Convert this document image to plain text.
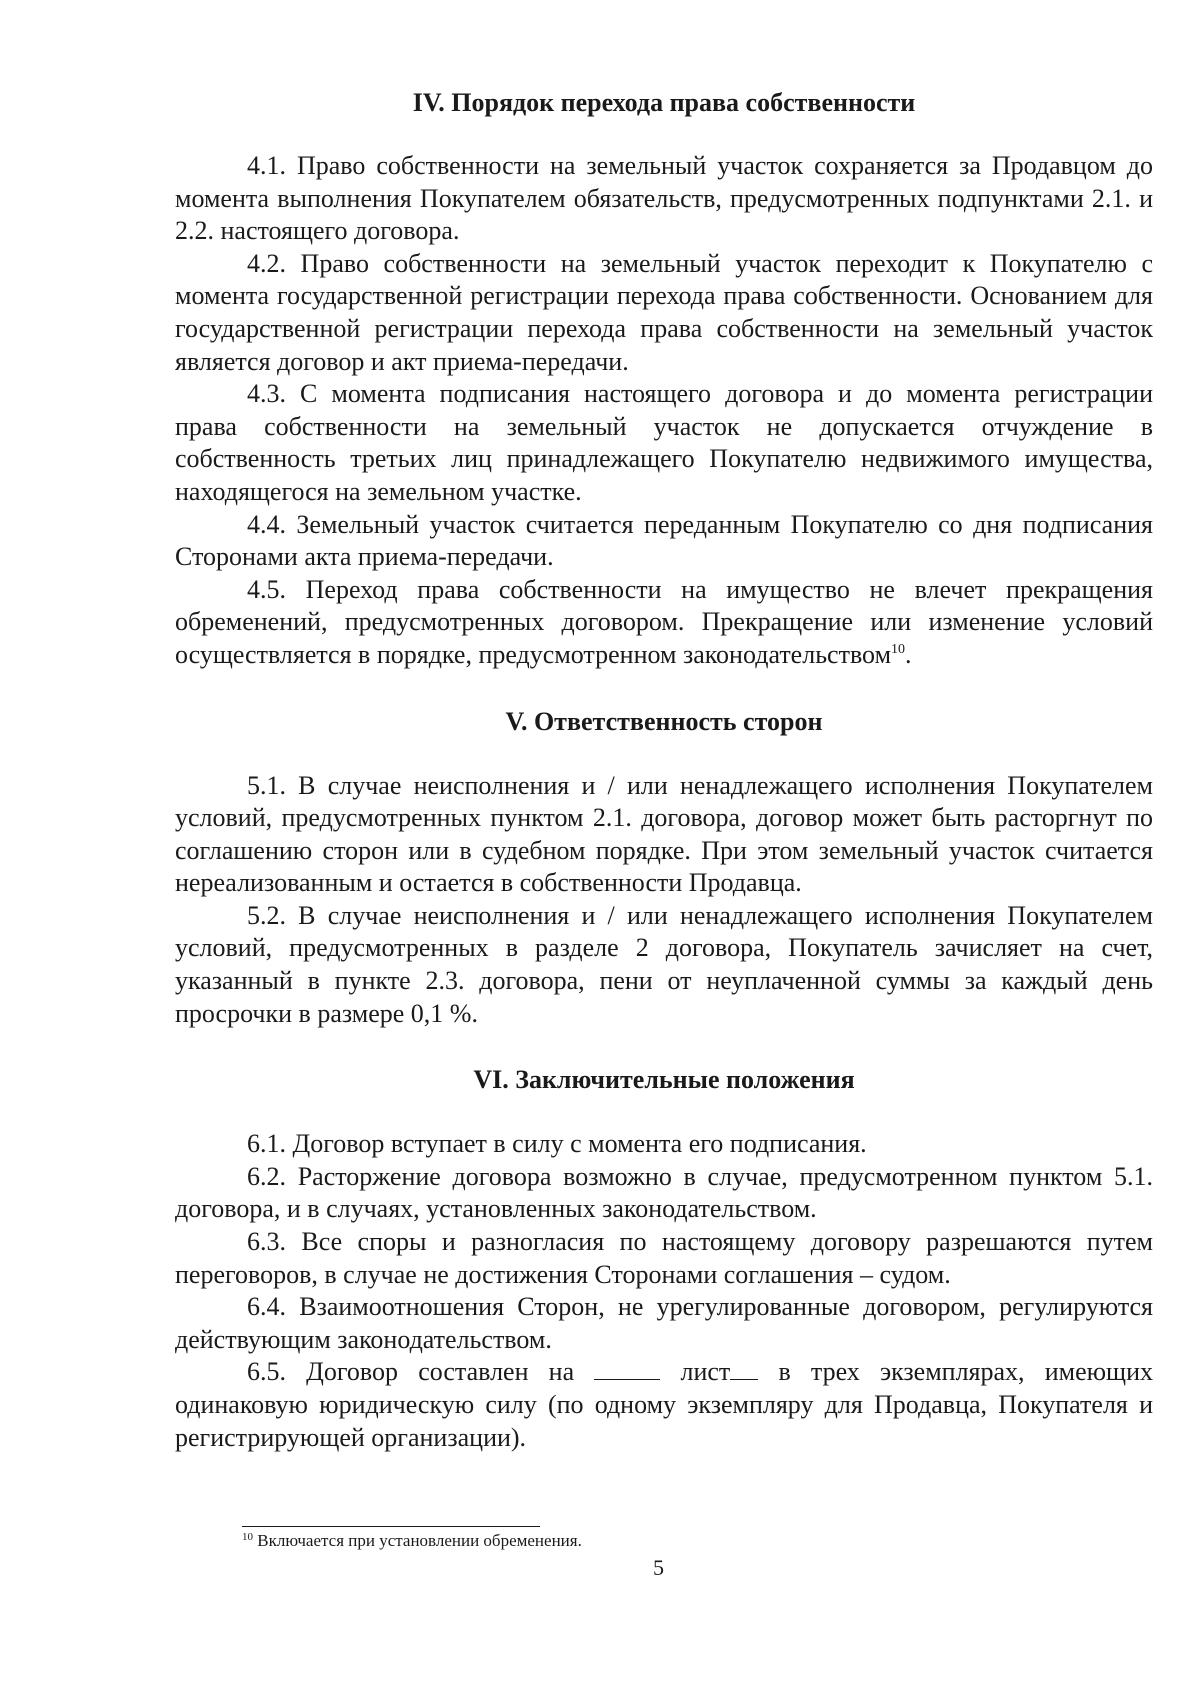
IV. Порядок перехода права собственности

4.1. Право собственности на земельный участок сохраняется за Продавцом до момента выполнения Покупателем обязательств, предусмотренных подпунктами 2.1. и 2.2. настоящего договора.

4.2. Право собственности на земельный участок переходит к Покупателю с момента государственной регистрации перехода права собственности. Основанием для государственной регистрации перехода права собственности на земельный участок является договор и акт приема-передачи.

4.3. С момента подписания настоящего договора и до момента регистрации права собственности на земельный участок не допускается отчуждение в собственность третьих лиц принадлежащего Покупателю недвижимого имущества, находящегося на земельном участке.

4.4. Земельный участок считается переданным Покупателю со дня подписания Сторонами акта приема-передачи.

4.5. Переход права собственности на имущество не влечет прекращения обременений, предусмотренных договором. Прекращение или изменение условий осуществляется в порядке, предусмотренном законодательством$^{10}$.

V. Ответственность сторон

5.1. В случае неисполнения и / или ненадлежащего исполнения Покупателем условий, предусмотренных пунктом 2.1. договора, договор может быть расторгнут по соглашению сторон или в судебном порядке. При этом земельный участок считается нереализованным и остается в собственности Продавца.

5.2. В случае неисполнения и / или ненадлежащего исполнения Покупателем условий, предусмотренных в разделе 2 договора, Покупатель зачисляет на счет, указанный в пункте 2.3. договора, пени от неуплаченной суммы за каждый день просрочки в размере 0,1 %.

VI. Заключительные положения

6.1. Договор вступает в силу с момента его подписания.

6.2. Расторжение договора возможно в случае, предусмотренном пунктом 5.1. договора, и в случаях, установленных законодательством.

6.3. Все споры и разногласия по настоящему договору разрешаются путем переговоров, в случае не достижения Сторонами соглашения – судом.

6.4. Взаимоотношения Сторон, не урегулированные договором, регулируются действующим законодательством.

6.5. Договор составлен на	лист в трех экземплярах, имеющих одинаковую юридическую силу (по одному экземпляру для Продавца, Покупателя и регистрирующей организации).

$^{10}$ Включается при установлении обременения.
5
